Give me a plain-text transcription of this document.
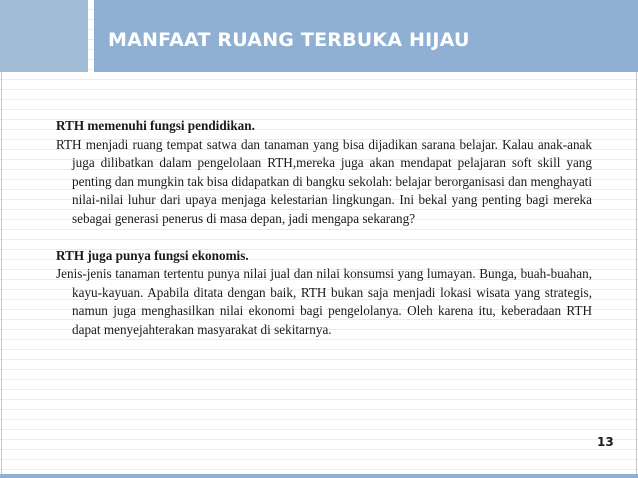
MANFAAT RUANG TERBUKA HIJAU

RTH memenuhi fungsi pendidikan.

RTH menjadi ruang tempat satwa dan tanaman yang bisa dijadikan sarana belajar. Kalau anak-anak juga dilibatkan dalam pengelolaan RTH,mereka juga akan mendapat pelajaran soft skill yang penting dan mungkin tak bisa didapatkan di bangku sekolah: belajar berorganisasi dan menghayati nilai-nilai luhur dari upaya menjaga kelestarian lingkungan. Ini bekal yang penting bagi mereka sebagai generasi penerus di masa depan, jadi mengapa sekarang?

RTH juga punya fungsi ekonomis.

Jenis-jenis tanaman tertentu punya nilai jual dan nilai konsumsi yang lumayan. Bunga, buah-buahan, kayu-kayuan. Apabila ditata dengan baik, RTH bukan saja menjadi lokasi wisata yang strategis, namun juga menghasilkan nilai ekonomi bagi pengelolanya. Oleh karena itu, keberadaan RTH dapat menyejahterakan masyarakat di sekitarnya.

13
